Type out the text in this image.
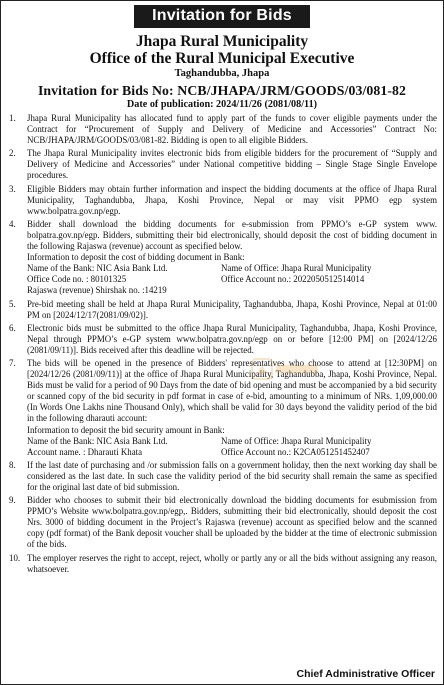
Invitation for Bids
Jhapa Rural Municipality
Office of the Rural Municipal Executive
Taghandubba, Jhapa
Invitation for Bids No: NCB/JHAPA/JRM/GOODS/03/081-82
Date of publication: 2024/11/26 (2081/08/11)
1. Jhapa Rural Municipality has allocated fund to apply part of the funds to cover eligible payments under the Contract for “Procurement of Supply and Delivery of Medicine and Accessories” Contract No: NCB/JHAPA/JRM/GOODS/03/081-82. Bidding is open to all eligible Bidders.
2. The Jhapa Rural Municipality invites electronic bids from eligible bidders for the procurement of “Supply and Delivery of Medicine and Accessories” under National competitive bidding – Single Stage Single Envelope procedures.
3. Eligible Bidders may obtain further information and inspect the bidding documents at the office of Jhapa Rural Municipality, Taghandubba, Jhapa, Koshi Province, Nepal or may visit PPMO egp system www.bolpatra.gov.np/egp.
4. Bidder shall download the bidding documents for e-submission from PPMO’s e-GP system www. bolpatra.gov.np/egp. Bidders, submitting their bid electronically, should deposit the cost of bidding document in the following Rajaswa (revenue) account as specified below.
Information to deposit the cost of bidding document in Bank:
Name of the Bank: NIC Asia Bank Ltd.	Name of Office: Jhapa Rural Municipality
Office Code no. : 80101325	Office Account no.: 2022050512514014
Rajaswa (revenue) Shirshak no. :14219
5. Pre-bid meeting shall be held at Jhapa Rural Municipality, Taghandubba, Jhapa, Koshi Province, Nepal at 01:00 PM on [2024/12/17(2081/09/02)].
6. Electronic bids must be submitted to the office Jhapa Rural Municipality, Taghandubba, Jhapa, Koshi Province, Nepal through PPMO’s e-GP system www.bolpatra.gov.np/egp on or before [12:00 PM] on [2024/12/26 (2081/09/11)]. Bids received after this deadline will be rejected.
7. The bids will be opened in the presence of Bidders' representatives who choose to attend at [12:30PM] on [2024/12/26 (2081/09/11)] at the office of Jhapa Rural Municipality, Taghandubba, Jhapa, Koshi Province, Nepal. Bids must be valid for a period of 90 Days from the date of bid opening and must be accompanied by a bid security or scanned copy of the bid security in pdf format in case of e-bid, amounting to a minimum of NRs. 1,09,000.00 (In Words One Lakhs nine Thousand Only), which shall be valid for 30 days beyond the validity period of the bid in the following dharauti account:
Information to deposit the bid security amount in Bank:
Name of the Bank: NIC Asia Bank Ltd.	Name of Office: Jhapa Rural Municipality
Account name. : Dharauti Khata	Office Account no.: K2CA051251452407
8. If the last date of purchasing and /or submission falls on a government holiday, then the next working day shall be considered as the last date. In such case the validity period of the bid security shall remain the same as specified for the original last date of bid submission.
9. Bidder who chooses to submit their bid electronically download the bidding documents for esubmission from PPMO’s Website www.bolpatra.gov.np/egp,. Bidders, submitting their bid electronically, should deposit the cost Nrs. 3000 of bidding document in the Project’s Rajaswa (revenue) account as specified below and the scanned copy (pdf format) of the Bank deposit voucher shall be uploaded by the bidder at the time of electronic submission of the bids.
10. The employer reserves the right to accept, reject, wholly or partly any or all the bids without assigning any reason, whatsoever.
Chief Administrative Officer
